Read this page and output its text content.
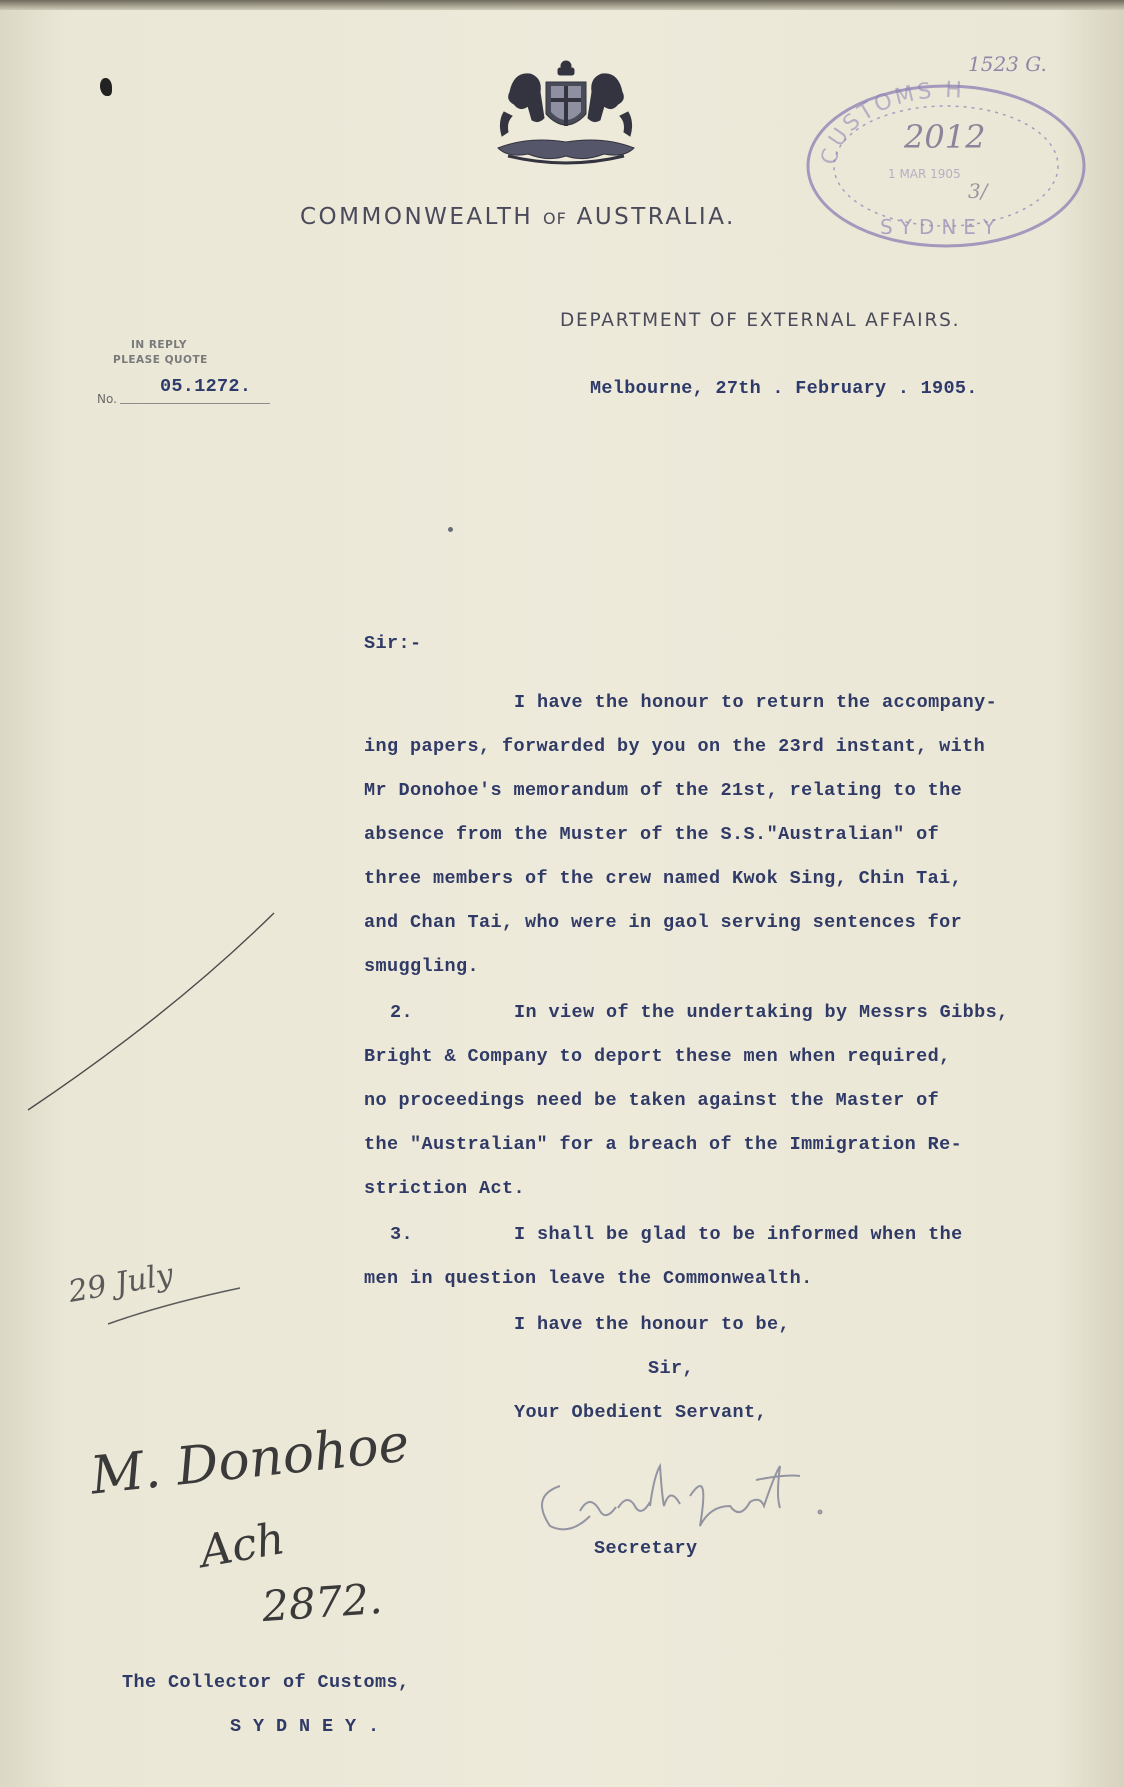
COMMONWEALTH OF AUSTRALIA.
DEPARTMENT OF EXTERNAL AFFAIRS.
IN REPLY
PLEASE QUOTE
No.
05.1272.	Melbourne, 27th . February . 1905.
CUSTOMS H
2012
1 MAR 1905
SYDNEY
3/
1523 G.
Sir:-
I have the honour to return the accompany-
ing papers, forwarded by you on the 23rd instant, with
Mr Donohoe's memorandum of the 21st, relating to the
absence from the Muster of the S.S."Australian" of
three members of the crew named Kwok Sing, Chin Tai,
and Chan Tai, who were in gaol serving sentences for
smuggling.
2.	In view of the undertaking by Messrs Gibbs,
Bright & Company to deport these men when required,
no proceedings need be taken against the Master of
the "Australian" for a breach of the Immigration Re-
striction Act.
3.	I shall be glad to be informed when the
men in question leave the Commonwealth.
I have the honour to be,
Sir,
Your Obedient Servant,
Secretary
The Collector of Customs,
S Y D N E Y .
29 July
M. Donohoe
Ach
2872.
